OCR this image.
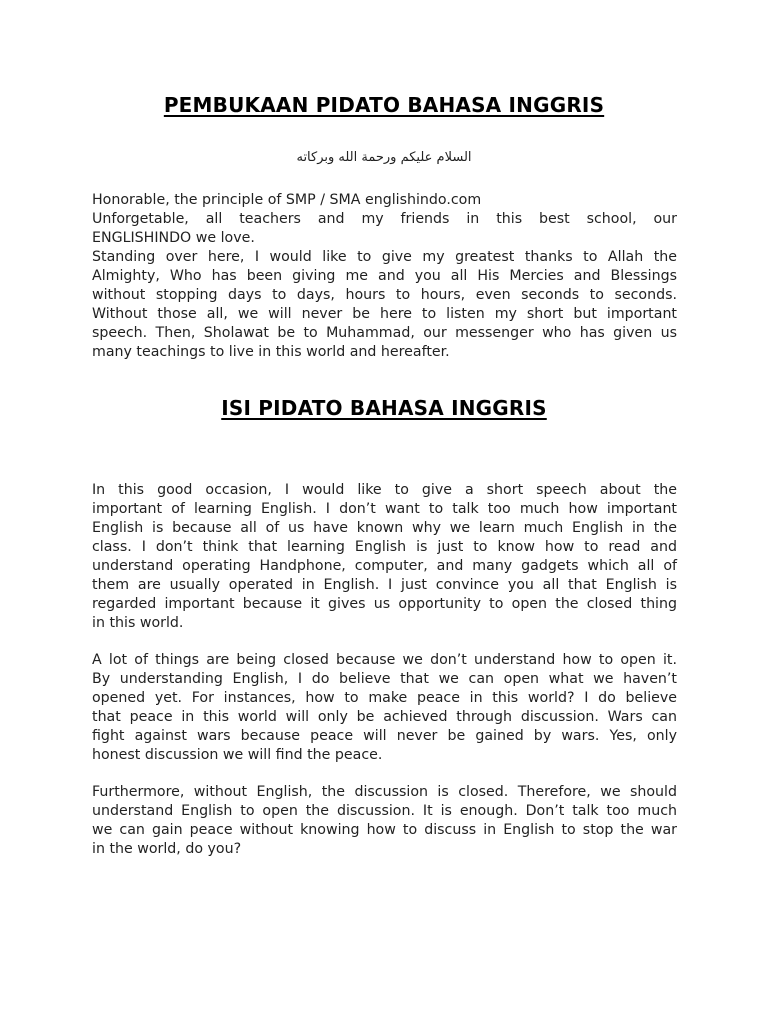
PEMBUKAAN PIDATO BAHASA INGGRIS
السلام عليكم ورحمة الله وبركاته
Honorable, the principle of SMP / SMA englishindo.com
Unforgetable, all teachers and my friends in this best school, our
ENGLISHINDO we love.
Standing over here, I would like to give my greatest thanks to Allah the
Almighty, Who has been giving me and you all His Mercies and Blessings
without stopping days to days, hours to hours, even seconds to seconds.
Without those all, we will never be here to listen my short but important
speech. Then, Sholawat be to Muhammad, our messenger who has given us
many teachings to live in this world and hereafter.
ISI PIDATO BAHASA INGGRIS
In this good occasion, I would like to give a short speech about the
important of learning English. I don’t want to talk too much how important
English is because all of us have known why we learn much English in the
class. I don’t think that learning English is just to know how to read and
understand operating Handphone, computer, and many gadgets which all of
them are usually operated in English. I just convince you all that English is
regarded important because it gives us opportunity to open the closed thing
in this world.
A lot of things are being closed because we don’t understand how to open it.
By understanding English, I do believe that we can open what we haven’t
opened yet. For instances, how to make peace in this world? I do believe
that peace in this world will only be achieved through discussion. Wars can
fight against wars because peace will never be gained by wars. Yes, only
honest discussion we will find the peace.
Furthermore, without English, the discussion is closed. Therefore, we should
understand English to open the discussion. It is enough. Don’t talk too much
we can gain peace without knowing how to discuss in English to stop the war
in the world, do you?
